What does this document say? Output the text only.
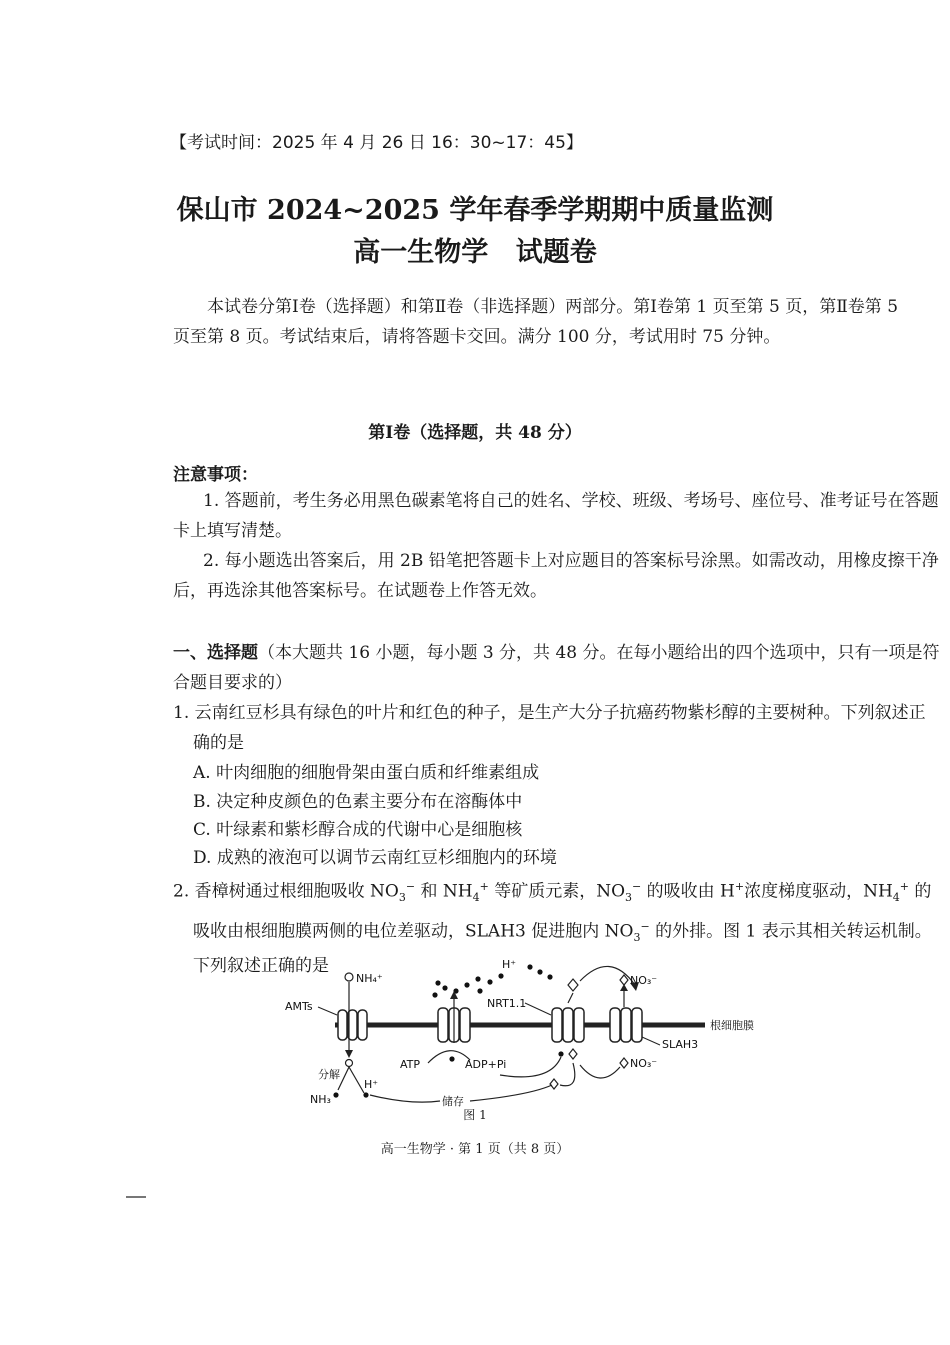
【考试时间：2025 年 4 月 26 日 16：30~17：45】
保山市 2024~2025 学年春季学期期中质量监测
高一生物学 试题卷
本试卷分第Ⅰ卷（选择题）和第Ⅱ卷（非选择题）两部分。第Ⅰ卷第 1 页至第 5 页，第Ⅱ卷第 5 页至第 8 页。考试结束后，请将答题卡交回。满分 100 分，考试用时 75 分钟。
第Ⅰ卷（选择题，共 48 分）
注意事项：
1. 答题前，考生务必用黑色碳素笔将自己的姓名、学校、班级、考场号、座位号、准考证号在答题卡上填写清楚。
2. 每小题选出答案后，用 2B 铅笔把答题卡上对应题目的答案标号涂黑。如需改动，用橡皮擦干净后，再选涂其他答案标号。在试题卷上作答无效。
一、选择题（本大题共 16 小题，每小题 3 分，共 48 分。在每小题给出的四个选项中，只有一项是符合题目要求的）
1. 云南红豆杉具有绿色的叶片和红色的种子，是生产大分子抗癌药物紫杉醇的主要树种。下列叙述正确的是
A. 叶肉细胞的细胞骨架由蛋白质和纤维素组成
B. 决定种皮颜色的色素主要分布在溶酶体中
C. 叶绿素和紫杉醇合成的代谢中心是细胞核
D. 成熟的液泡可以调节云南红豆杉细胞内的环境
2. 香樟树通过根细胞吸收 $NO_3^-$ 和 $NH_4^+$ 等矿质元素，$NO_3^-$ 的吸收由 H+浓度梯度驱动，$NH_4^+$ 的吸收由根细胞膜两侧的电位差驱动，SLAH3 促进胞内 $NO_3^-$ 的外排。图 1 表示其相关转运机制。下列叙述正确的是	H⁺
NH₄⁺
AMTs	NRT1.1
NO₃⁻
根细胞膜
SLAH3
NO₃⁻
ATP	ADP+Pi
分解
H⁺
NH₃	储存
图 1
高一生物学 · 第 1 页（共 8 页）
